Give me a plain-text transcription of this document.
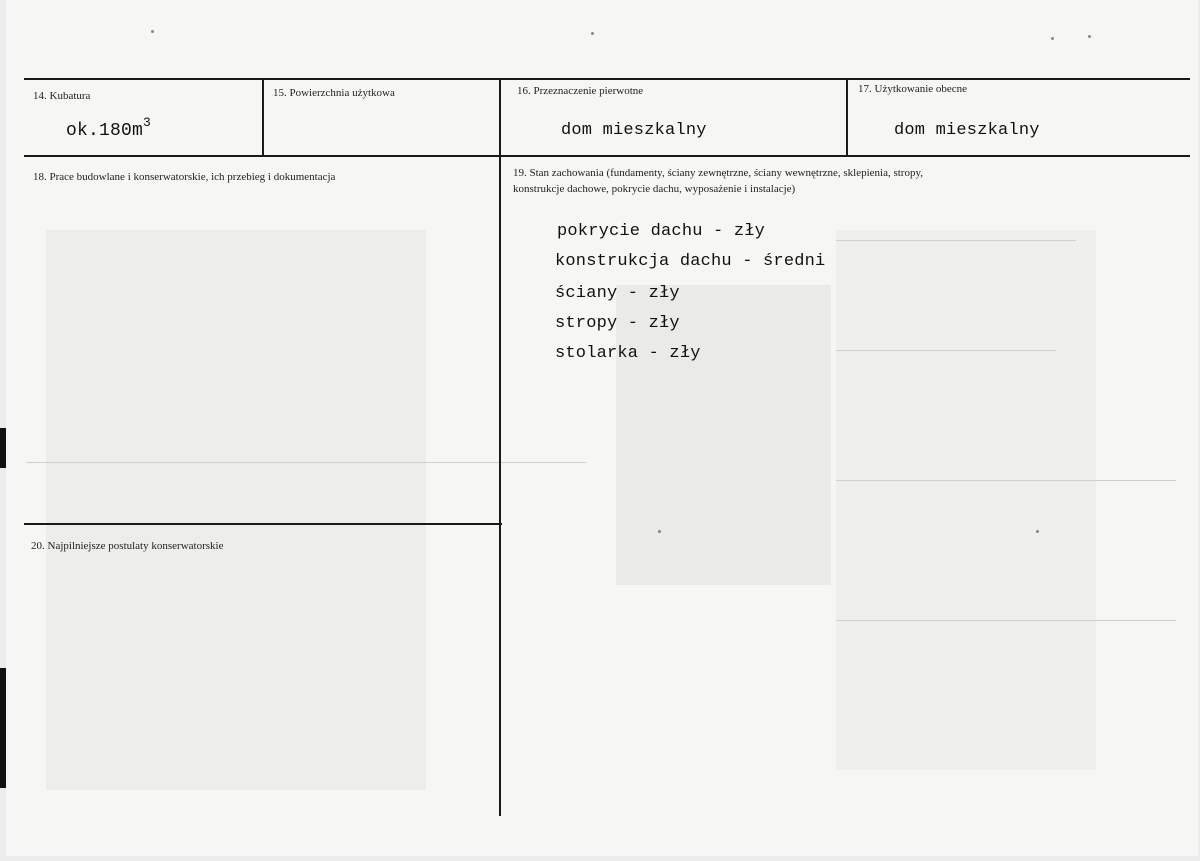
14. Kubatura
$ok.180m^3$
15. Powierzchnia użytkowa	16. Przeznaczenie pierwotne
dom mieszkalny
17. Użytkowanie obecne
dom mieszkalny
18. Prace budowlane i konserwatorskie, ich przebieg i dokumentacja	19. Stan zachowania (fundamenty, ściany zewnętrzne, ściany wewnętrzne, sklepienia, stropy,
konstrukcje dachowe, pokrycie dachu, wyposażenie i instalacje)
pokrycie dachu - zły
konstrukcja dachu - średni
ściany - zły
stropy - zły
stolarka - zły
20. Najpilniejsze postulaty konserwatorskie
